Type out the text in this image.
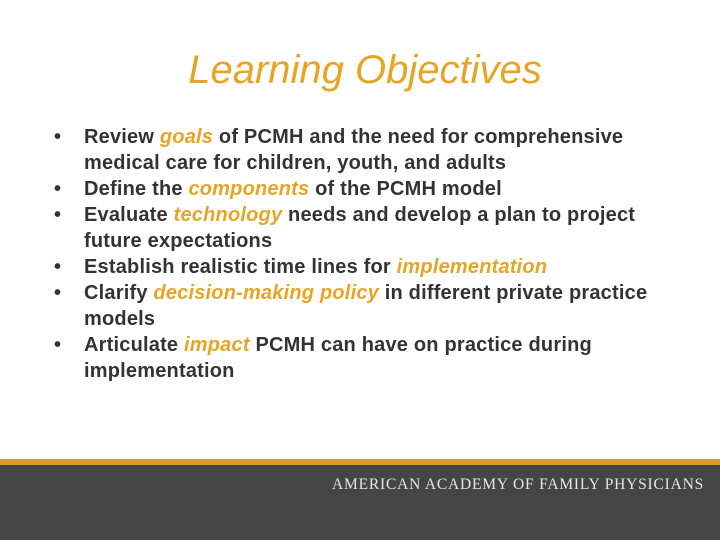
Learning Objectives
• Review goals of PCMH and the need for comprehensive medical care for children, youth, and adults
• Define the components of the PCMH model
• Evaluate technology needs and develop a plan to project future expectations
• Establish realistic time lines for implementation
• Clarify decision-making policy in different private practice models
• Articulate impact PCMH can have on practice during implementation
AMERICAN ACADEMY OF FAMILY PHYSICIANS
